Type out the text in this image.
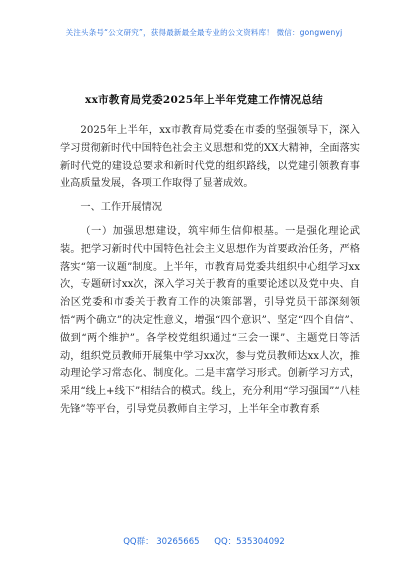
关注头条号“公文研究”，获得最新最全最专业的公文资料库！ 微信：gongwenyj
xx市教育局党委2025年上半年党建工作情况总结

2025年上半年，xx市教育局党委在市委的坚强领导下，深入学习贯彻新时代中国特色社会主义思想和党的XX大精神，全面落实新时代党的建设总要求和新时代党的组织路线，以党建引领教育事业高质量发展，各项工作取得了显著成效。

一、工作开展情况

（一）加强思想建设，筑牢师生信仰根基。一是强化理论武装。把学习新时代中国特色社会主义思想作为首要政治任务，严格落实“第一议题”制度。上半年，市教育局党委共组织中心组学习xx次，专题研讨xx次，深入学习关于教育的重要论述以及党中央、自治区党委和市委关于教育工作的决策部署，引导党员干部深刻领悟“两个确立”的决定性意义，增强“四个意识”、坚定“四个自信”、做到“两个维护”。各学校党组织通过“三会一课”、主题党日等活动，组织党员教师开展集中学习xx次，参与党员教师达xx人次，推动理论学习常态化、制度化。二是丰富学习形式。创新学习方式，采用“线上+线下”相结合的模式。线上，充分利用“学习强国”“八桂先锋”等平台，引导党员教师自主学习，上半年全市教育系

QQ群： 30265665 QQ：535304092
